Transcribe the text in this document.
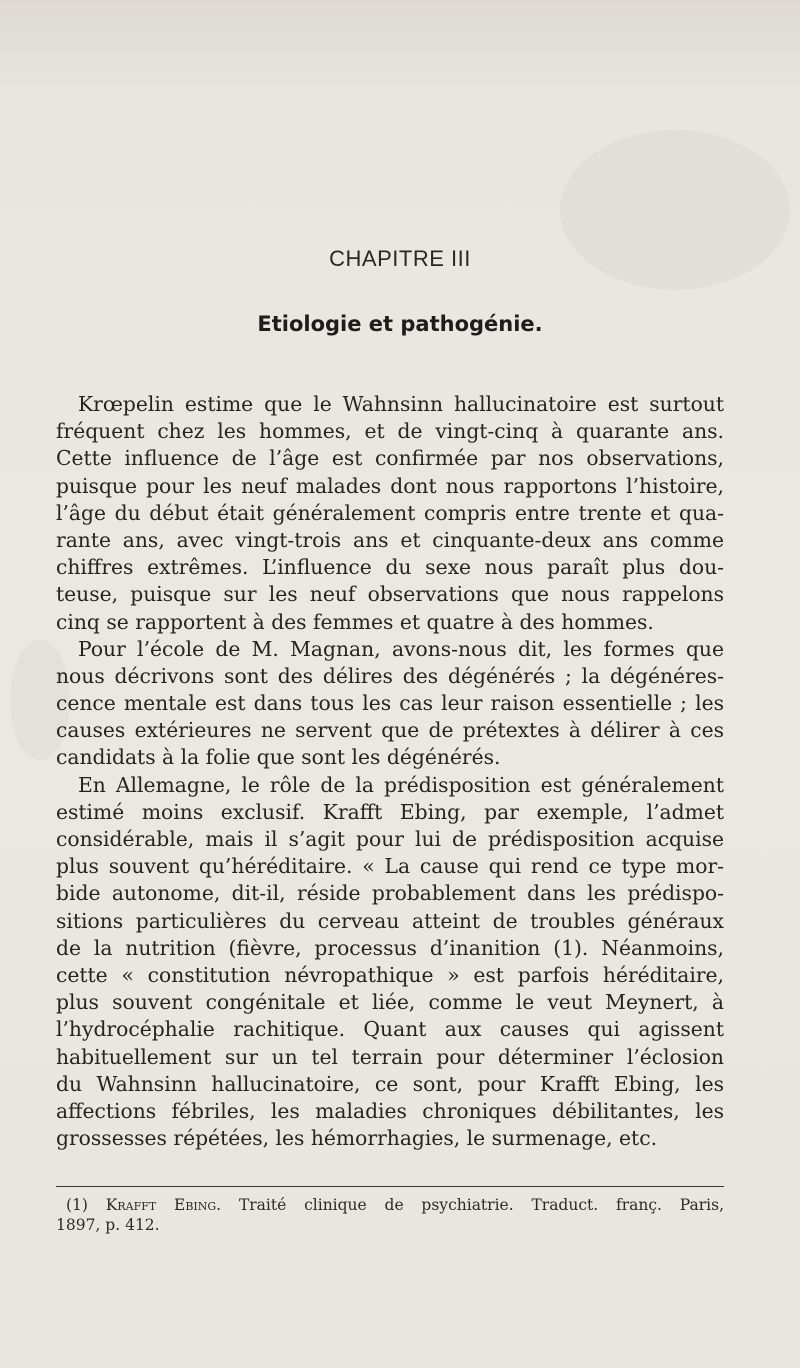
CHAPITRE III
Etiologie et pathogénie.
Krœpelin estime que le Wahnsinn hallucinatoire est surtout
fréquent chez les hommes, et de vingt-cinq à quarante ans.
Cette influence de l’âge est confirmée par nos observations,
puisque pour les neuf malades dont nous rapportons l’histoire,
l’âge du début était généralement compris entre trente et qua-
rante ans, avec vingt-trois ans et cinquante-deux ans comme
chiffres extrêmes. L’influence du sexe nous paraît plus dou-
teuse, puisque sur les neuf observations que nous rappelons
cinq se rapportent à des femmes et quatre à des hommes.
Pour l’école de M. Magnan, avons-nous dit, les formes que
nous décrivons sont des délires des dégénérés ; la dégénéres-
cence mentale est dans tous les cas leur raison essentielle ; les
causes extérieures ne servent que de prétextes à délirer à ces
candidats à la folie que sont les dégénérés.
En Allemagne, le rôle de la prédisposition est généralement
estimé moins exclusif. Krafft Ebing, par exemple, l’admet
considérable, mais il s’agit pour lui de prédisposition acquise
plus souvent qu’héréditaire. « La cause qui rend ce type mor-
bide autonome, dit-il, réside probablement dans les prédispo-
sitions particulières du cerveau atteint de troubles généraux
de la nutrition (fièvre, processus d’inanition (1). Néanmoins,
cette « constitution névropathique » est parfois héréditaire,
plus souvent congénitale et liée, comme le veut Meynert, à
l’hydrocéphalie rachitique. Quant aux causes qui agissent
habituellement sur un tel terrain pour déterminer l’éclosion
du Wahnsinn hallucinatoire, ce sont, pour Krafft Ebing, les
affections fébriles, les maladies chroniques débilitantes, les
grossesses répétées, les hémorrhagies, le surmenage, etc.
(1) Krafft Ebing. Traité clinique de psychiatrie. Traduct. franç. Paris,
1897, p. 412.
